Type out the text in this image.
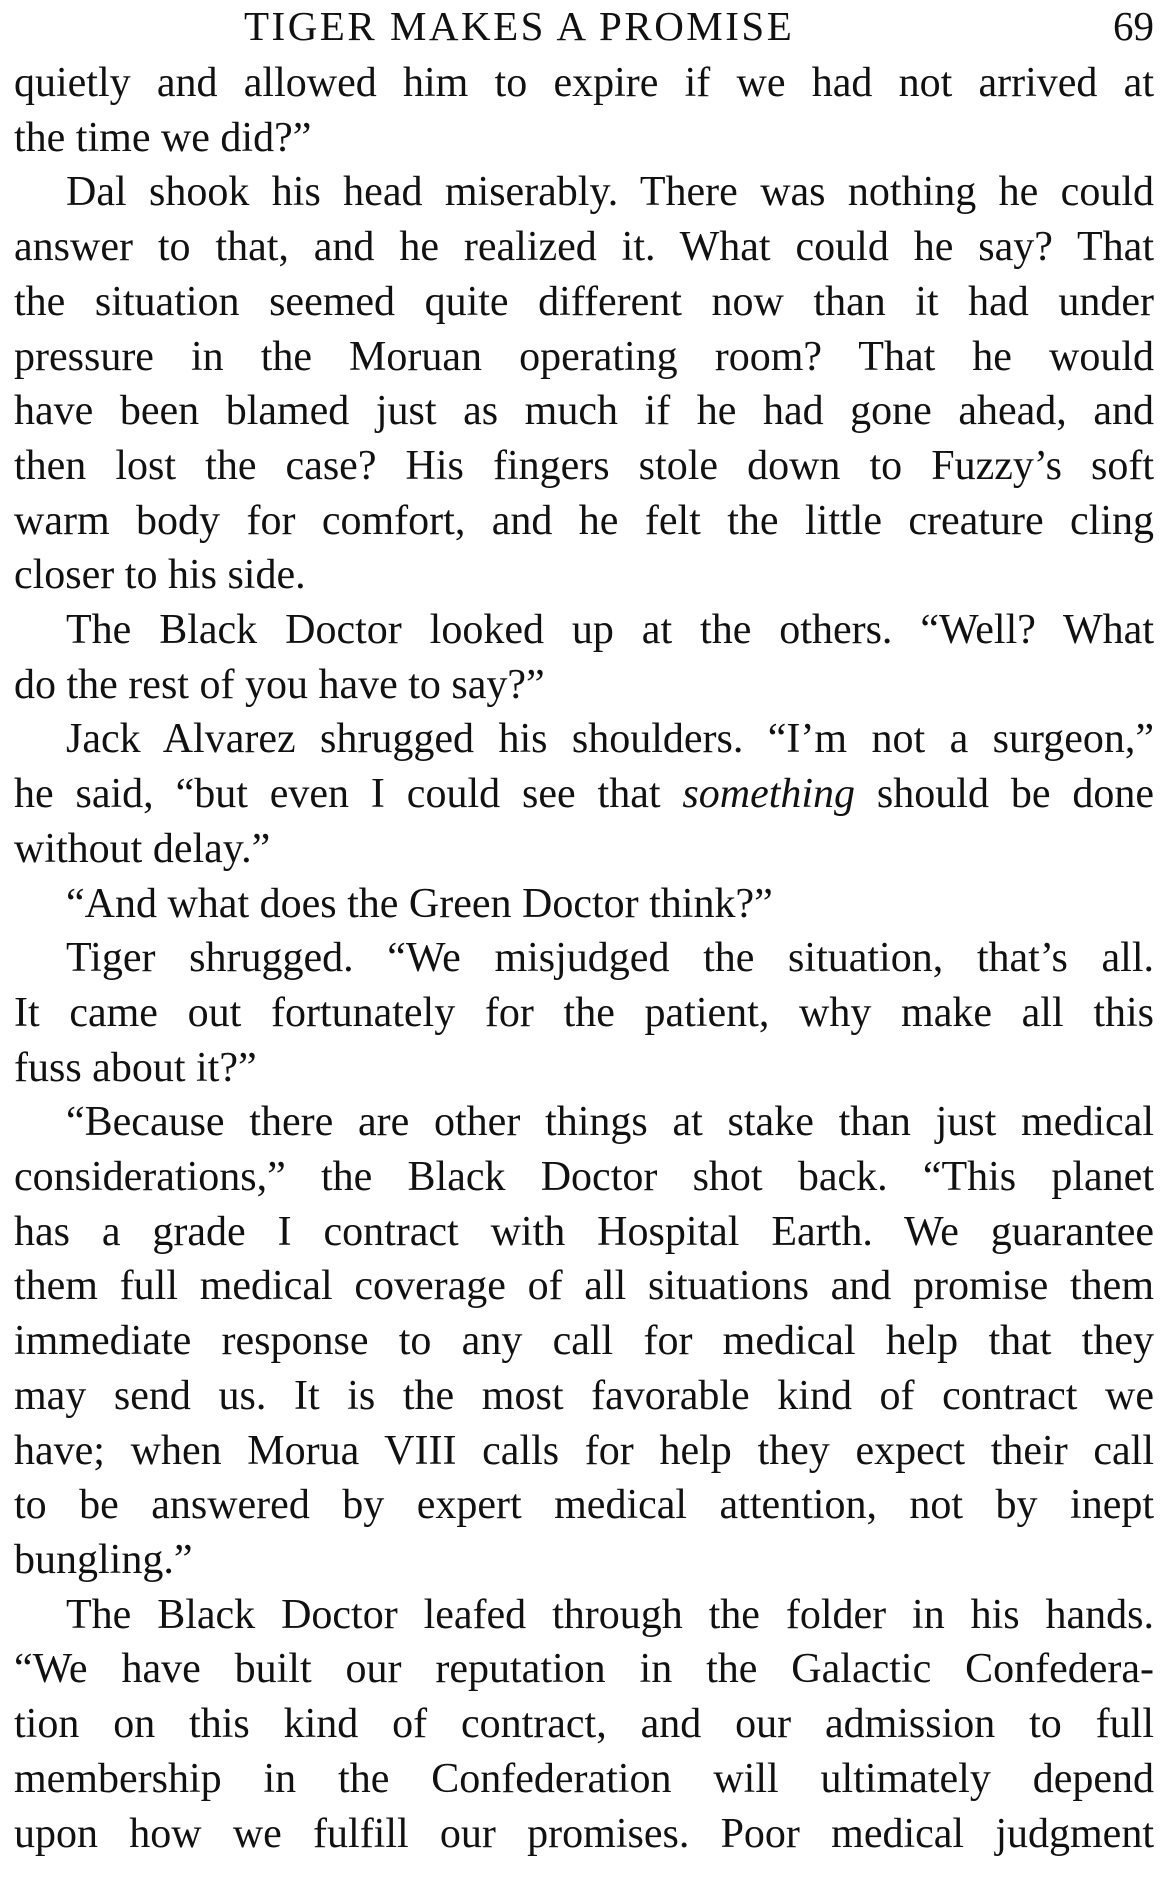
TIGER MAKES A PROMISE	69

quietly and allowed him to expire if we had not arrived at

the time we did?”

Dal shook his head miserably. There was nothing he could

answer to that, and he realized it. What could he say? That

the situation seemed quite different now than it had under

pressure in the Moruan operating room? That he would

have been blamed just as much if he had gone ahead, and

then lost the case? His fingers stole down to Fuzzy’s soft

warm body for comfort, and he felt the little creature cling

closer to his side.

The Black Doctor looked up at the others. “Well? What

do the rest of you have to say?”

Jack Alvarez shrugged his shoulders. “I’m not a surgeon,”

he said, “but even I could see that something should be done

without delay.”

“And what does the Green Doctor think?”

Tiger shrugged. “We misjudged the situation, that’s all.

It came out fortunately for the patient, why make all this

fuss about it?”

“Because there are other things at stake than just medical

considerations,” the Black Doctor shot back. “This planet

has a grade I contract with Hospital Earth. We guarantee

them full medical coverage of all situations and promise them

immediate response to any call for medical help that they

may send us. It is the most favorable kind of contract we

have; when Morua VIII calls for help they expect their call

to be answered by expert medical attention, not by inept

bungling.”

The Black Doctor leafed through the folder in his hands.

“We have built our reputation in the Galactic Confedera-

tion on this kind of contract, and our admission to full

membership in the Confederation will ultimately depend

upon how we fulfill our promises. Poor medical judgment
